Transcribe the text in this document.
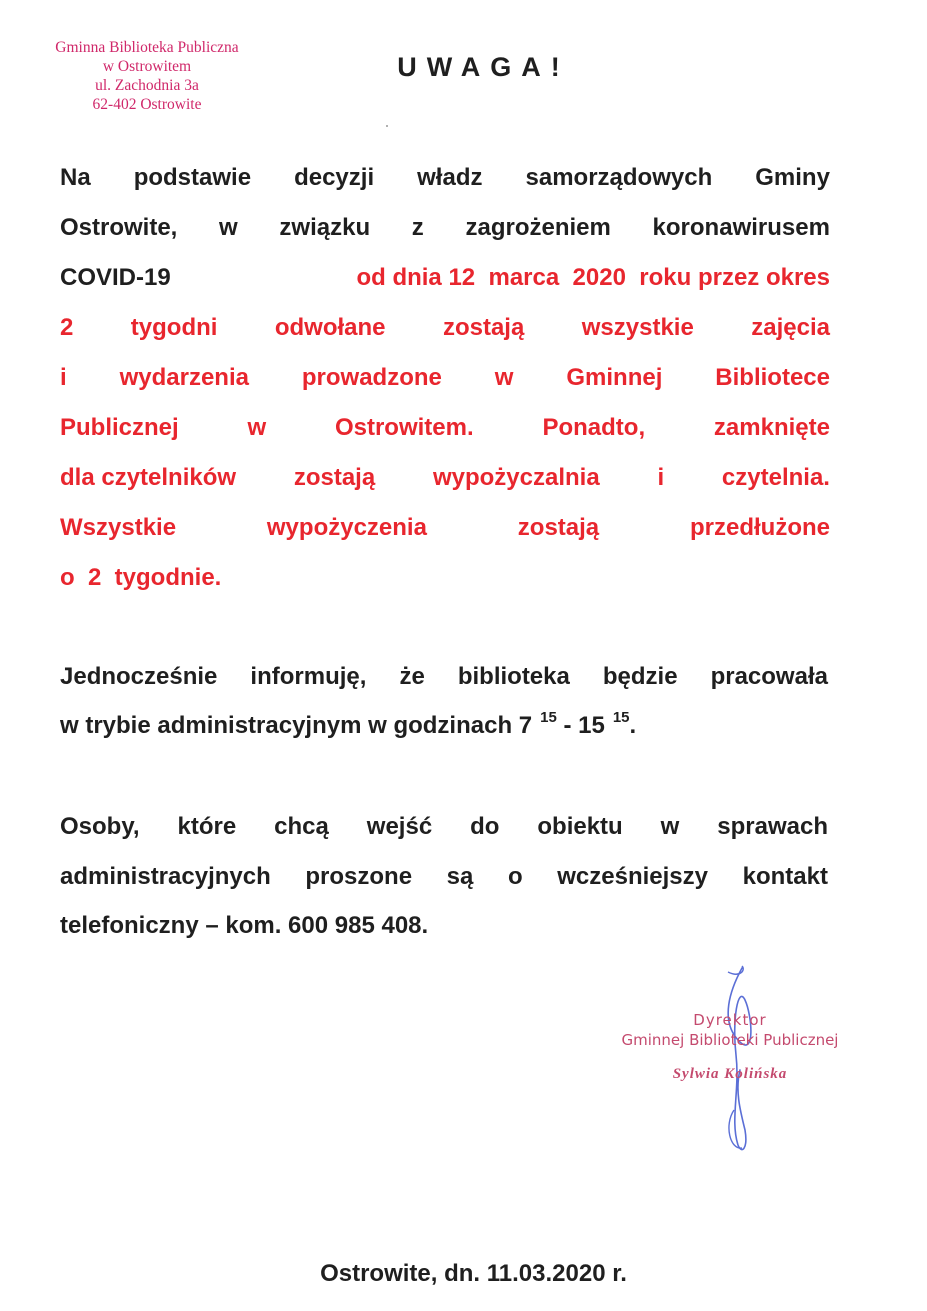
Gminna Biblioteka Publiczna
w Ostrowitem
ul. Zachodnia 3a
62-402 Ostrowite
UWAGA!
Na podstawie decyzji władz samorządowych Gminy
Ostrowite, w związku z zagrożeniem koronawirusem
COVID-19	od dnia 12  marca  2020  roku przez okres
2 tygodni odwołane zostają wszystkie zajęcia
i wydarzenia prowadzone w Gminnej Bibliotece
Publicznej	w	Ostrowitem.	Ponadto,	zamknięte
dla czytelników zostają wypożyczalnia i czytelnia.
Wszystkie	wypożyczenia	zostają	przedłużone
o  2  tygodnie.
Jednocześnie informuję, że biblioteka będzie pracowała
w trybie administracyjnym w godzinach 7 $^{15}$ - 15 $^{15}$.
Osoby, które chcą wejść do obiektu w sprawach
administracyjnych proszone są o wcześniejszy kontakt
telefoniczny – kom. 600 985 408.
Dyrektor
Gminnej Biblioteki Publicznej
Sylwia Kolińska
Ostrowite, dn. 11.03.2020 r.
